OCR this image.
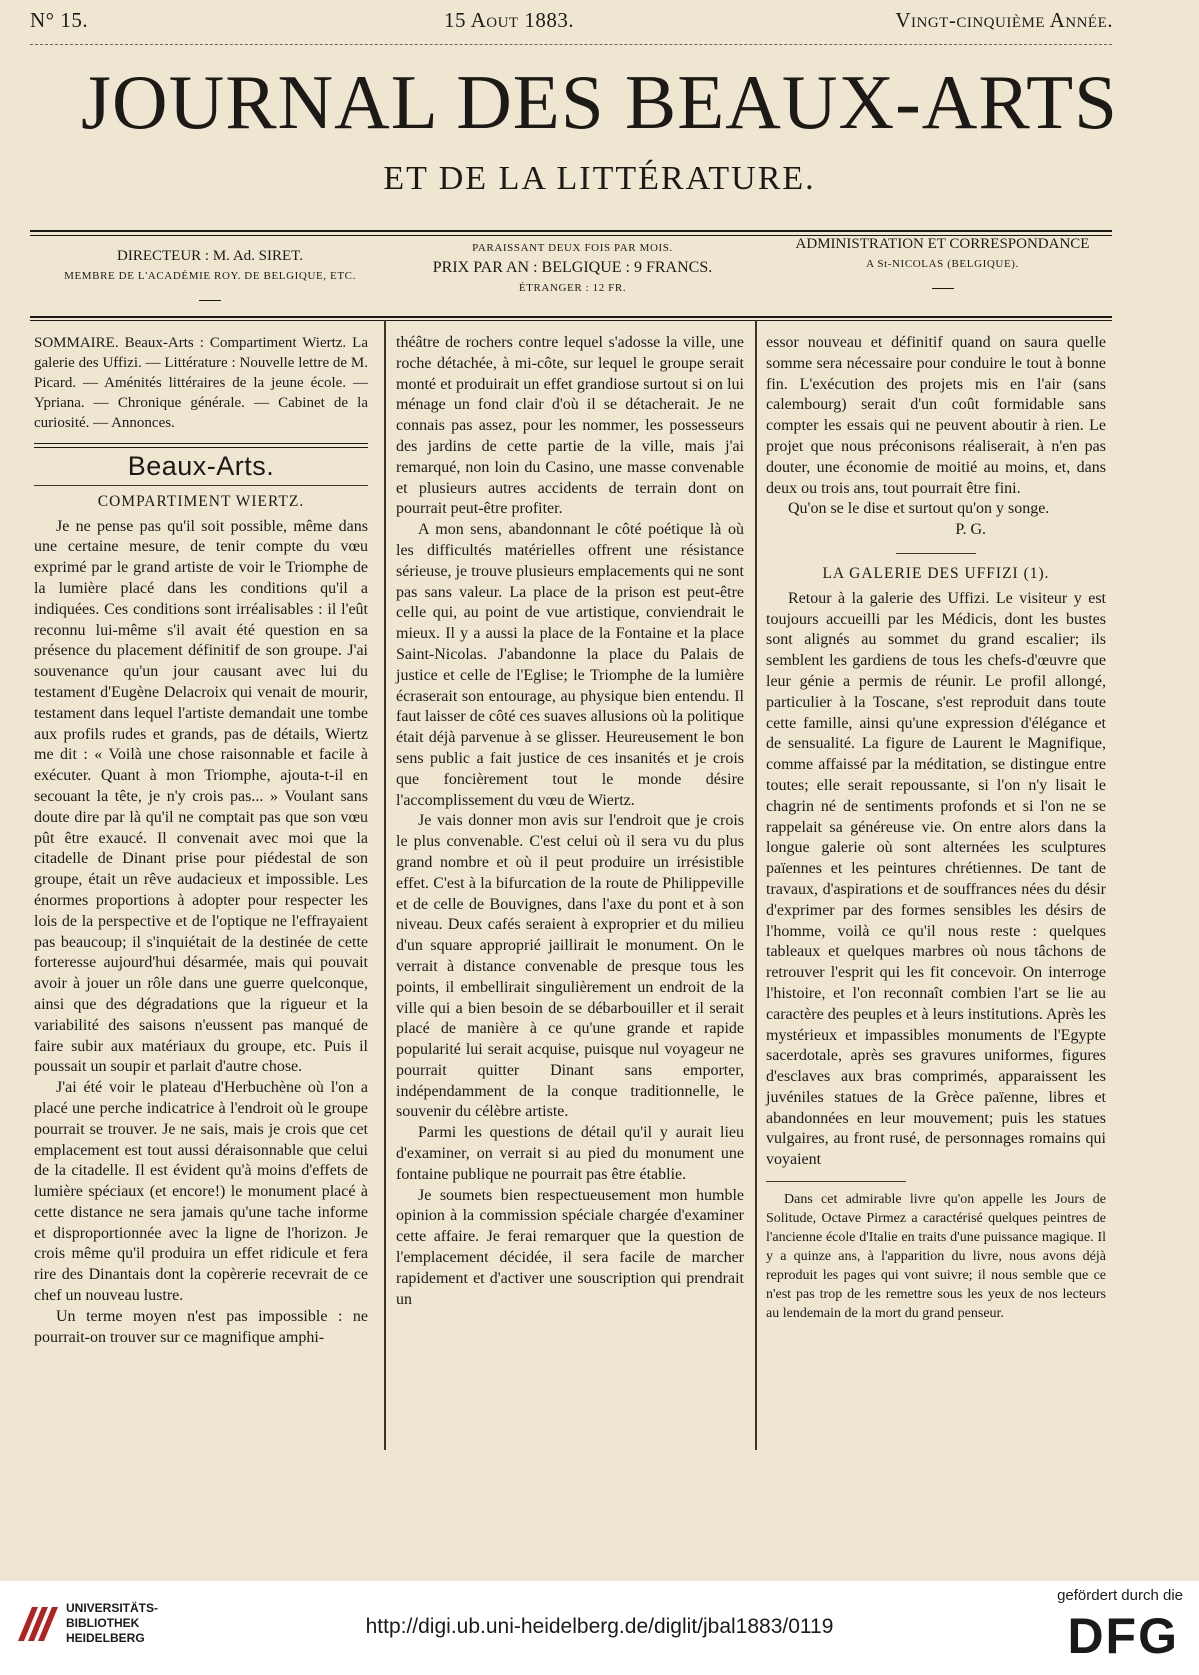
N° 15.	15 Aout 1883.	Vingt-cinquième Année.
JOURNAL DES BEAUX-ARTS
ET DE LA LITTÉRATURE.
DIRECTEUR : M. Ad. SIRET.
MEMBRE DE L'ACADÉMIE ROY. DE BELGIQUE, ETC.
PARAISSANT DEUX FOIS PAR MOIS.
PRIX PAR AN : BELGIQUE : 9 FRANCS.
ÉTRANGER : 12 FR.
ADMINISTRATION ET CORRESPONDANCE
A St-NICOLAS (BELGIQUE).
SOMMAIRE. Beaux-Arts : Compartiment Wiertz. La galerie des Uffizi. — Littérature : Nouvelle lettre de M. Picard. — Aménités littéraires de la jeune école. — Ypriana. — Chronique générale. — Cabinet de la curiosité. — Annonces.
Beaux-Arts.
COMPARTIMENT WIERTZ.

Je ne pense pas qu'il soit possible, même dans une certaine mesure, de tenir compte du vœu exprimé par le grand artiste de voir le Triomphe de la lumière placé dans les conditions qu'il a indiquées. Ces conditions sont irréalisables : il l'eût reconnu lui-même s'il avait été question en sa présence du placement définitif de son groupe. J'ai souvenance qu'un jour causant avec lui du testament d'Eugène Delacroix qui venait de mourir, testament dans lequel l'artiste demandait une tombe aux profils rudes et grands, pas de détails, Wiertz me dit : « Voilà une chose raisonnable et facile à exécuter. Quant à mon Triomphe, ajouta-t-il en secouant la tête, je n'y crois pas... » Voulant sans doute dire par là qu'il ne comptait pas que son vœu pût être exaucé. Il convenait avec moi que la citadelle de Dinant prise pour piédestal de son groupe, était un rêve audacieux et impossible. Les énormes proportions à adopter pour respecter les lois de la perspective et de l'optique ne l'effrayaient pas beaucoup; il s'inquiétait de la destinée de cette forteresse aujourd'hui désarmée, mais qui pouvait avoir à jouer un rôle dans une guerre quelconque, ainsi que des dégradations que la rigueur et la variabilité des saisons n'eussent pas manqué de faire subir aux matériaux du groupe, etc. Puis il poussait un soupir et parlait d'autre chose.

J'ai été voir le plateau d'Herbuchène où l'on a placé une perche indicatrice à l'endroit où le groupe pourrait se trouver. Je ne sais, mais je crois que cet emplacement est tout aussi déraisonnable que celui de la citadelle. Il est évident qu'à moins d'effets de lumière spéciaux (et encore!) le monument placé à cette distance ne sera jamais qu'une tache informe et disproportionnée avec la ligne de l'horizon. Je crois même qu'il produira un effet ridicule et fera rire des Dinantais dont la copèrerie recevrait de ce chef un nouveau lustre.

Un terme moyen n'est pas impossible : ne pourrait-on trouver sur ce magnifique amphi-

théâtre de rochers contre lequel s'adosse la ville, une roche détachée, à mi-côte, sur lequel le groupe serait monté et produirait un effet grandiose surtout si on lui ménage un fond clair d'où il se détacherait. Je ne connais pas assez, pour les nommer, les possesseurs des jardins de cette partie de la ville, mais j'ai remarqué, non loin du Casino, une masse convenable et plusieurs autres accidents de terrain dont on pourrait peut-être profiter.

A mon sens, abandonnant le côté poétique là où les difficultés matérielles offrent une résistance sérieuse, je trouve plusieurs emplacements qui ne sont pas sans valeur. La place de la prison est peut-être celle qui, au point de vue artistique, conviendrait le mieux. Il y a aussi la place de la Fontaine et la place Saint-Nicolas. J'abandonne la place du Palais de justice et celle de l'Eglise; le Triomphe de la lumière écraserait son entourage, au physique bien entendu. Il faut laisser de côté ces suaves allusions où la politique était déjà parvenue à se glisser. Heureusement le bon sens public a fait justice de ces insanités et je crois que foncièrement tout le monde désire l'accomplissement du vœu de Wiertz.

Je vais donner mon avis sur l'endroit que je crois le plus convenable. C'est celui où il sera vu du plus grand nombre et où il peut produire un irrésistible effet. C'est à la bifurcation de la route de Philippeville et de celle de Bouvignes, dans l'axe du pont et à son niveau. Deux cafés seraient à exproprier et du milieu d'un square approprié jaillirait le monument. On le verrait à distance convenable de presque tous les points, il embellirait singulièrement un endroit de la ville qui a bien besoin de se débarbouiller et il serait placé de manière à ce qu'une grande et rapide popularité lui serait acquise, puisque nul voyageur ne pourrait quitter Dinant sans emporter, indépendamment de la conque traditionnelle, le souvenir du célèbre artiste.

Parmi les questions de détail qu'il y aurait lieu d'examiner, on verrait si au pied du monument une fontaine publique ne pourrait pas être établie.

Je soumets bien respectueusement mon humble opinion à la commission spéciale chargée d'examiner cette affaire. Je ferai remarquer que la question de l'emplacement décidée, il sera facile de marcher rapidement et d'activer une souscription qui prendrait un

essor nouveau et définitif quand on saura quelle somme sera nécessaire pour conduire le tout à bonne fin. L'exécution des projets mis en l'air (sans calembourg) serait d'un coût formidable sans compter les essais qui ne peuvent aboutir à rien. Le projet que nous préconisons réaliserait, à n'en pas douter, une économie de moitié au moins, et, dans deux ou trois ans, tout pourrait être fini.

Qu'on se le dise et surtout qu'on y songe.

P. G.
LA GALERIE DES UFFIZI (1).

Retour à la galerie des Uffizi. Le visiteur y est toujours accueilli par les Médicis, dont les bustes sont alignés au sommet du grand escalier; ils semblent les gardiens de tous les chefs-d'œuvre que leur génie a permis de réunir. Le profil allongé, particulier à la Toscane, s'est reproduit dans toute cette famille, ainsi qu'une expression d'élégance et de sensualité. La figure de Laurent le Magnifique, comme affaissé par la méditation, se distingue entre toutes; elle serait repoussante, si l'on n'y lisait le chagrin né de sentiments profonds et si l'on ne se rappelait sa généreuse vie. On entre alors dans la longue galerie où sont alternées les sculptures païennes et les peintures chrétiennes. De tant de travaux, d'aspirations et de souffrances nées du désir d'exprimer par des formes sensibles les désirs de l'homme, voilà ce qu'il nous reste : quelques tableaux et quelques marbres où nous tâchons de retrouver l'esprit qui les fit concevoir. On interroge l'histoire, et l'on reconnaît combien l'art se lie au caractère des peuples et à leurs institutions. Après les mystérieux et impassibles monuments de l'Egypte sacerdotale, après ses gravures uniformes, figures d'esclaves aux bras comprimés, apparaissent les juvéniles statues de la Grèce païenne, libres et abandonnées en leur mouvement; puis les statues vulgaires, au front rusé, de personnages romains qui voyaient

Dans cet admirable livre qu'on appelle les Jours de Solitude, Octave Pirmez a caractérisé quelques peintres de l'ancienne école d'Italie en traits d'une puissance magique. Il y a quinze ans, à l'apparition du livre, nous avons déjà reproduit les pages qui vont suivre; il nous semble que ce n'est pas trop de les remettre sous les yeux de nos lecteurs au lendemain de la mort du grand penseur.

UNIVERSITÄTS-
BIBLIOTHEK
HEIDELBERG	http://digi.ub.uni-heidelberg.de/diglit/jbal1883/0119
gefördert durch die
DFG
